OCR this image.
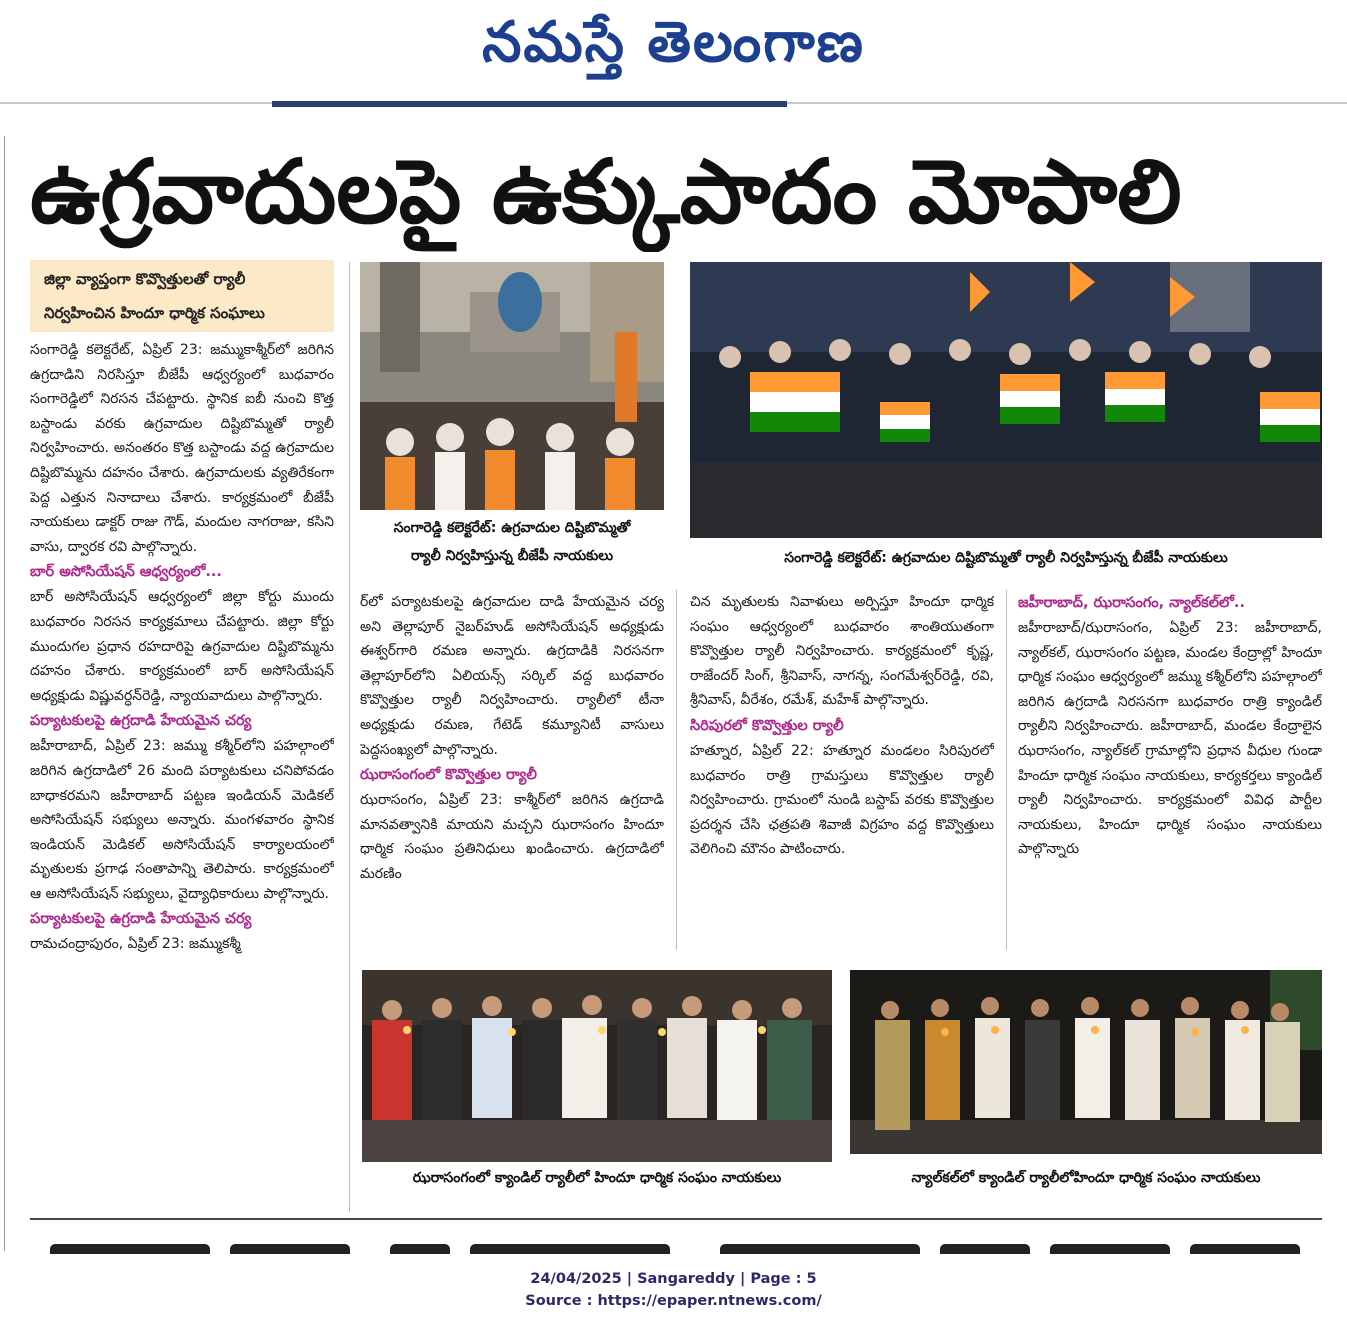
నమస్తే తెలంగాణ
ఉగ్రవాదులపై ఉక్కుపాదం మోపాలి
జిల్లా వ్యాప్తంగా కొవ్వొత్తులతో ర్యాలీ
నిర్వహించిన హిందూ ధార్మిక సంఘాలు

సంగారెడ్డి కలెక్టరేట్, ఏప్రిల్ 23: జమ్ముకాశ్మీర్‌లో జరిగిన ఉగ్రదాడిని నిరసిస్తూ బీజేపీ ఆధ్వర్యంలో బుధవారం సంగారెడ్డిలో నిరసన చేపట్టారు. స్థానిక ఐబీ నుంచి కొత్త బస్టాండు వరకు ఉగ్రవాదుల దిష్టిబొమ్మతో ర్యాలీ నిర్వహించారు. అనంతరం కొత్త బస్టాండు వద్ద ఉగ్రవాదుల దిష్టిబొమ్మను దహనం చేశారు. ఉగ్రవాదులకు వ్యతిరేకంగా పెద్ద ఎత్తున నినాదాలు చేశారు. కార్యక్రమంలో బీజేపీ నాయకులు డాక్టర్ రాజు గౌడ్, మందుల నాగరాజు, కసిని వాసు, ద్వారక రవి పాల్గొన్నారు.

బార్ అసోసియేషన్ ఆధ్వర్యంలో...

బార్ అసోసియేషన్ ఆధ్వర్యంలో జిల్లా కోర్టు ముందు బుధవారం నిరసన కార్యక్రమాలు చేపట్టారు. జిల్లా కోర్టు ముందుగల ప్రధాన రహదారిపై ఉగ్రవాదుల దిష్టిబొమ్మను దహనం చేశారు. కార్యక్రమంలో బార్ అసోసియేషన్ అధ్యక్షుడు విష్ణువర్ధన్‌రెడ్డి, న్యాయవాదులు పాల్గొన్నారు.

పర్యాటకులపై ఉగ్రదాడి హేయమైన చర్య

జహీరాబాద్, ఏప్రిల్ 23: జమ్ము కశ్మీర్‌లోని పహల్గాంలో జరిగిన ఉగ్రదాడిలో 26 మంది పర్యాటకులు చనిపోవడం బాధాకరమని జహీరాబాద్ పట్టణ ఇండియన్ మెడికల్ అసోసియేషన్ సభ్యులు అన్నారు. మంగళవారం స్థానిక ఇండియన్ మెడికల్ అసోసియేషన్ కార్యాలయంలో మృతులకు ప్రగాఢ సంతాపాన్ని తెలిపారు. కార్యక్రమంలో ఆ అసోసియేషన్ సభ్యులు, వైద్యాధికారులు పాల్గొన్నారు.

పర్యాటకులపై ఉగ్రదాడి హేయమైన చర్య

రామచంద్రాపురం, ఏప్రిల్ 23: జమ్ముకశ్మీ

సంగారెడ్డి కలెక్టరేట్: ఉగ్రవాదుల దిష్టిబొమ్మతో
ర్యాలీ నిర్వహిస్తున్న బీజేపీ నాయకులు	సంగారెడ్డి కలెక్టరేట్: ఉగ్రవాదుల దిష్టిబొమ్మతో ర్యాలీ నిర్వహిస్తున్న బీజేపీ నాయకులు

ర్‌లో పర్యాటకులపై ఉగ్రవాదుల దాడి హేయమైన చర్య అని తెల్లాపూర్ నైబర్‌హుడ్ అసోసియేషన్ అధ్యక్షుడు ఈశ్వర్‌గారి రమణ అన్నారు. ఉగ్రదాడికి నిరసనగా తెల్లాపూర్‌లోని ఏలియన్స్ సర్కిల్ వద్ద బుధవారం కొవ్వొత్తుల ర్యాలీ నిర్వహించారు. ర్యాలీలో టీనా అధ్యక్షుడు రమణ, గేటెడ్ కమ్యూనిటీ వాసులు పెద్దసంఖ్యలో పాల్గొన్నారు.

ఝరాసంగంలో కొవ్వొత్తుల ర్యాలీ

ఝరాసంగం, ఏప్రిల్ 23: కాశ్మీర్‌లో జరిగిన ఉగ్రదాడి మానవత్వానికి మాయని మచ్చని ఝరాసంగం హిందూ ధార్మిక సంఘం ప్రతినిధులు ఖండించారు. ఉగ్రదాడిలో మరణిం

చిన మృతులకు నివాళులు అర్పిస్తూ హిందూ ధార్మిక సంఘం ఆధ్వర్యంలో బుధవారం శాంతియుతంగా కొవ్వొత్తుల ర్యాలీ నిర్వహించారు. కార్యక్రమంలో కృష్ణ, రాజేందర్ సింగ్, శ్రీనివాస్, నాగన్న, సంగమేశ్వర్‌రెడ్డి, రవి, శ్రీనివాస్, వీరేశం, రమేశ్, మహేశ్ పాల్గొన్నారు.

సిరిపురలో కొవ్వొత్తుల ర్యాలీ

హత్నూర, ఏప్రిల్ 22: హత్నూర మండలం సిరిపురలో బుధవారం రాత్రి గ్రామస్తులు కొవ్వొత్తుల ర్యాలీ నిర్వహించారు. గ్రామంలో నుండి బస్టాప్ వరకు కొవ్వొత్తుల ప్రదర్శన చేసి ఛత్రపతి శివాజీ విగ్రహం వద్ద కొవ్వొత్తులు వెలిగించి మౌనం పాటించారు.

జహీరాబాద్, ఝరాసంగం, న్యాల్‌కల్‌లో..

జహీరాబాద్/ఝరాసంగం, ఏప్రిల్ 23: జహీరాబాద్, న్యాల్‌కల్, ఝరాసంగం పట్టణ, మండల కేంద్రాల్లో హిందూ ధార్మిక సంఘం ఆధ్వర్యంలో జమ్ము కశ్మీర్‌లోని పహల్గాంలో జరిగిన ఉగ్రదాడి నిరసనగా బుధవారం రాత్రి క్యాండిల్ ర్యాలీని నిర్వహించారు. జహీరాబాద్, మండల కేంద్రాలైన ఝరాసంగం, న్యాల్‌కల్ గ్రామాల్లోని ప్రధాన వీధుల గుండా హిందూ ధార్మిక సంఘం నాయకులు, కార్యకర్తలు క్యాండిల్ ర్యాలీ నిర్వహించారు. కార్యక్రమంలో వివిధ పార్టీల నాయకులు, హిందూ ధార్మిక సంఘం నాయకులు పాల్గొన్నారు

ఝరాసంగంలో క్యాండిల్ ర్యాలీలో హిందూ ధార్మిక సంఘం నాయకులు	న్యాల్‌కల్‌లో క్యాండిల్ ర్యాలీలోహిందూ ధార్మిక సంఘం నాయకులు
24/04/2025 | Sangareddy | Page : 5
Source : https://epaper.ntnews.com/
